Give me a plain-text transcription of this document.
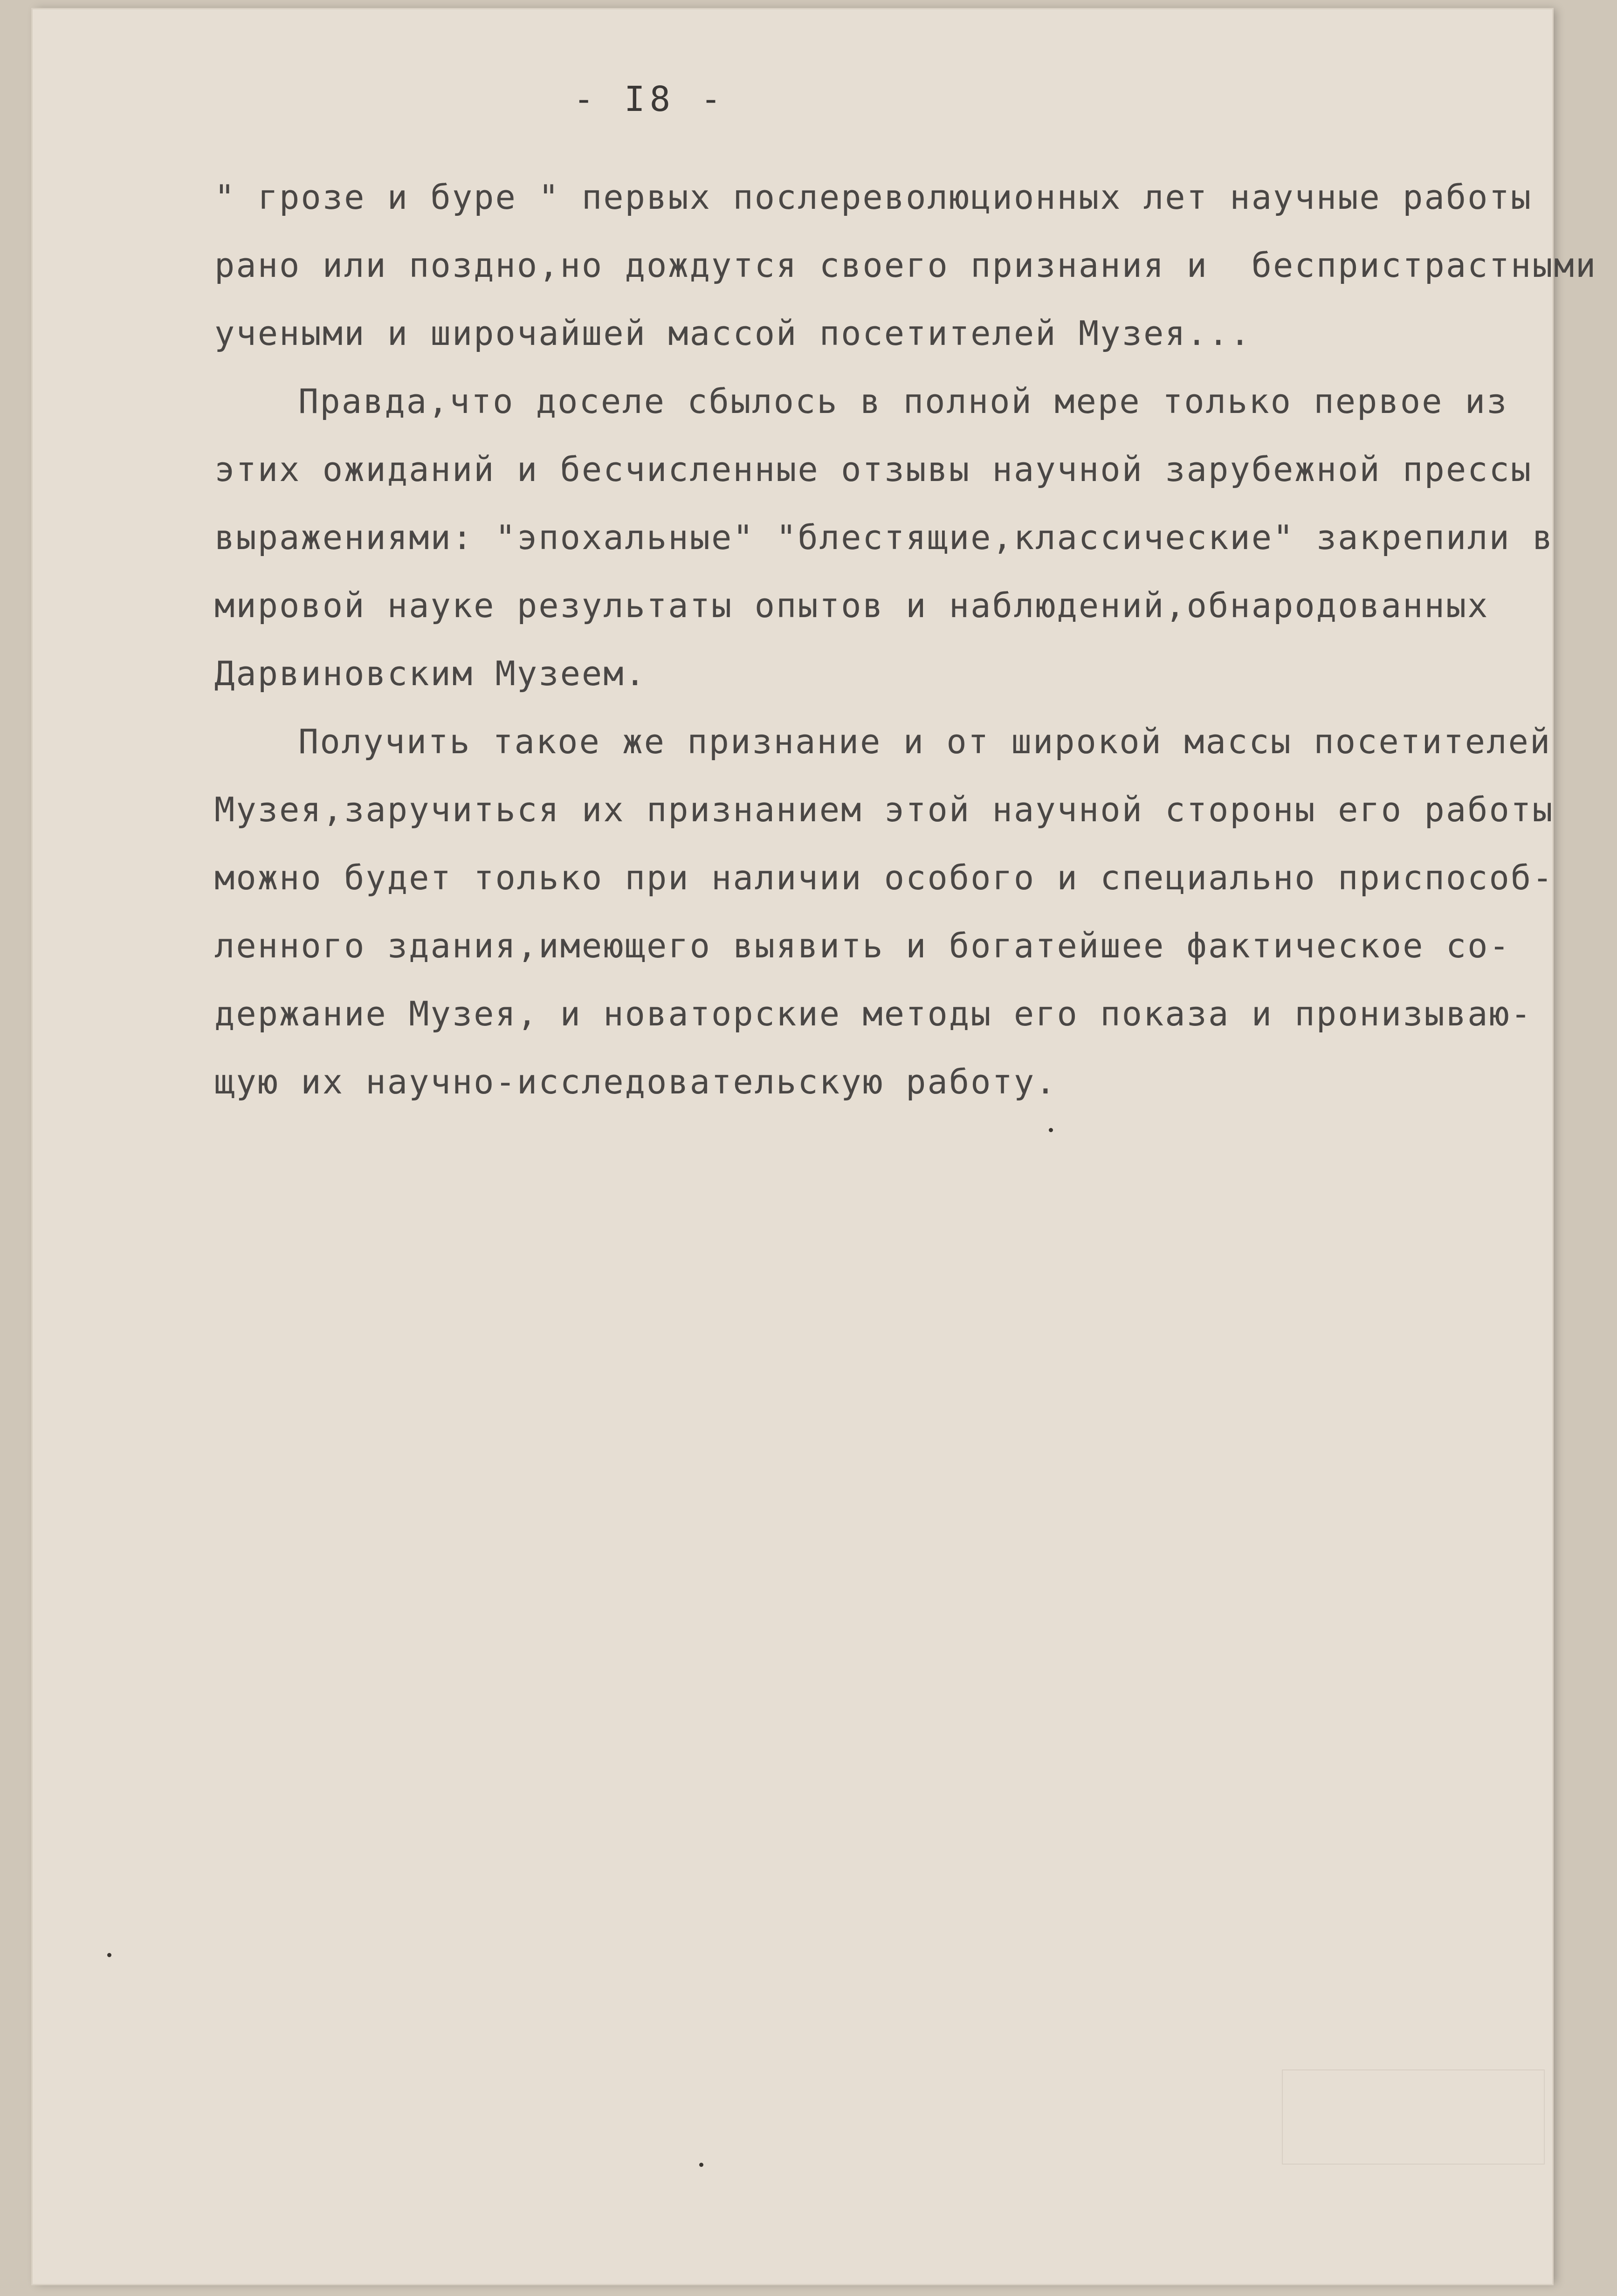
- I8 -
" грозе и буре " первых послереволюционных лет научные работы
рано или поздно,но дождутся своего признания и  беспристрастными
учеными и широчайшей массой посетителей Музея...
Правда,что доселе сбылось в полной мере только первое из
этих ожиданий и бесчисленные отзывы научной зарубежной прессы
выражениями: "эпохальные" "блестящие,классические" закрепили в
мировой науке результаты опытов и наблюдений,обнародованных
Дарвиновским Музеем.
Получить такое же признание и от широкой массы посетителей
Музея,заручиться их признанием этой научной стороны его работы
можно будет только при наличии особого и специально приспособ-
ленного здания,имеющего выявить и богатейшее фактическое со-
держание Музея, и новаторские методы его показа и пронизываю-
щую их научно-исследовательскую работу.
